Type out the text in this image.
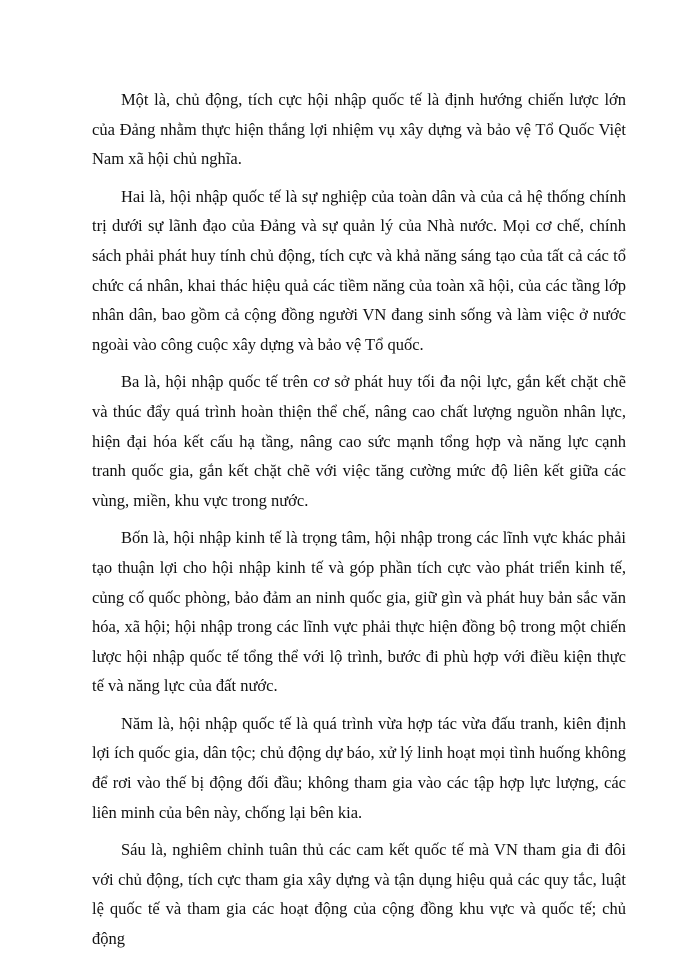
Một là, chủ động, tích cực hội nhập quốc tế là định hướng chiến lược lớn của Đảng nhằm thực hiện thắng lợi nhiệm vụ xây dựng và bảo vệ Tổ Quốc Việt Nam xã hội chủ nghĩa.

Hai là, hội nhập quốc tế là sự nghiệp của toàn dân và của cả hệ thống chính trị dưới sự lãnh đạo của Đảng và sự quản lý của Nhà nước. Mọi cơ chế, chính sách phải phát huy tính chủ động, tích cực và khả năng sáng tạo của tất cả các tổ chức cá nhân, khai thác hiệu quả các tiềm năng của toàn xã hội, của các tầng lớp nhân dân, bao gồm cả cộng đồng người VN đang sinh sống và làm việc ở nước ngoài vào công cuộc xây dựng và bảo vệ Tổ quốc.

Ba là, hội nhập quốc tế trên cơ sở phát huy tối đa nội lực, gắn kết chặt chẽ và thúc đẩy quá trình hoàn thiện thể chế, nâng cao chất lượng nguồn nhân lực, hiện đại hóa kết cấu hạ tầng, nâng cao sức mạnh tổng hợp và năng lực cạnh tranh quốc gia, gắn kết chặt chẽ với việc tăng cường mức độ liên kết giữa các vùng, miền, khu vực trong nước.

Bốn là, hội nhập kinh tế là trọng tâm, hội nhập trong các lĩnh vực khác phải tạo thuận lợi cho hội nhập kinh tế và góp phần tích cực vào phát triển kinh tế, củng cố quốc phòng, bảo đảm an ninh quốc gia, giữ gìn và phát huy bản sắc văn hóa, xã hội; hội nhập trong các lĩnh vực phải thực hiện đồng bộ trong một chiến lược hội nhập quốc tế tổng thể với lộ trình, bước đi phù hợp với điều kiện thực tế và năng lực của đất nước.

Năm là, hội nhập quốc tế là quá trình vừa hợp tác vừa đấu tranh, kiên định lợi ích quốc gia, dân tộc; chủ động dự báo, xử lý linh hoạt mọi tình huống không để rơi vào thế bị động đối đầu; không tham gia vào các tập hợp lực lượng, các liên minh của bên này, chống lại bên kia.

Sáu là, nghiêm chỉnh tuân thủ các cam kết quốc tế mà VN tham gia đi đôi với chủ động, tích cực tham gia xây dựng và tận dụng hiệu quả các quy tắc, luật lệ quốc tế và tham gia các hoạt động của cộng đồng khu vực và quốc tế; chủ động
